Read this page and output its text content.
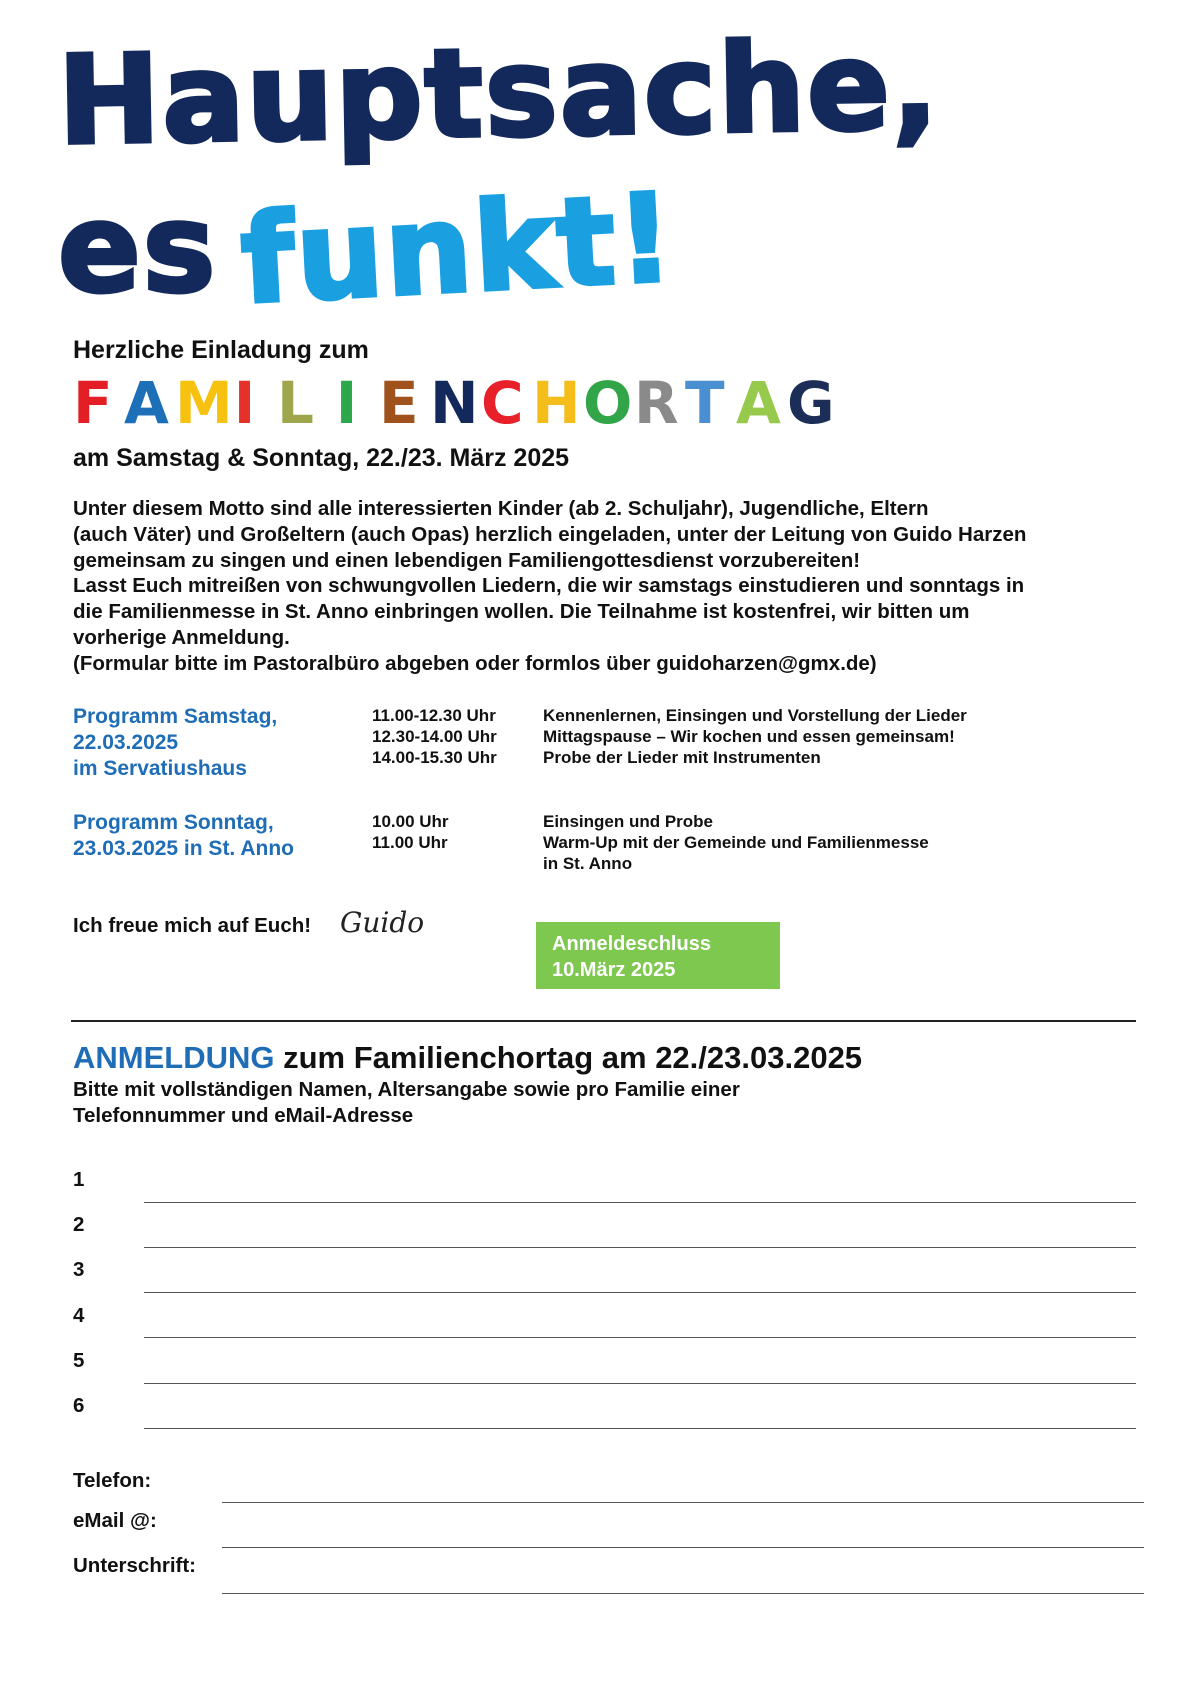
Hauptsache,
es funkt!
Herzliche Einladung zum
F A M I L I E N C H O R T A G
am Samstag & Sonntag, 22./23. März 2025

Unter diesem Motto sind alle interessierten Kinder (ab 2. Schuljahr), Jugendliche, Eltern

(auch Väter) und Großeltern (auch Opas) herzlich eingeladen, unter der Leitung von Guido Harzen

gemeinsam zu singen und einen lebendigen Familiengottesdienst vorzubereiten!

Lasst Euch mitreißen von schwungvollen Liedern, die wir samstags einstudieren und sonntags in

die Familienmesse in St. Anno einbringen wollen. Die Teilnahme ist kostenfrei, wir bitten um

vorherige Anmeldung.

(Formular bitte im Pastoralbüro abgeben oder formlos über guidoharzen@gmx.de)

Programm Samstag,

22.03.2025

im Servatiushaus

11.00-12.30 Uhr

12.30-14.00 Uhr

14.00-15.30 Uhr

Kennenlernen, Einsingen und Vorstellung der Lieder

Mittagspause – Wir kochen und essen gemeinsam!

Probe der Lieder mit Instrumenten

Programm Sonntag,

23.03.2025 in St. Anno

10.00 Uhr

11.00 Uhr

Einsingen und Probe

Warm-Up mit der Gemeinde und Familienmesse

in St. Anno

Ich freue mich auf Euch! Guido

Anmeldeschluss

10.März 2025

ANMELDUNG zum Familienchortag am 22./23.03.2025

Bitte mit vollständigen Namen, Altersangabe sowie pro Familie einer

Telefonnummer und eMail-Adresse

1
2
3
4
5
6
Telefon:
eMail @:
Unterschrift:
